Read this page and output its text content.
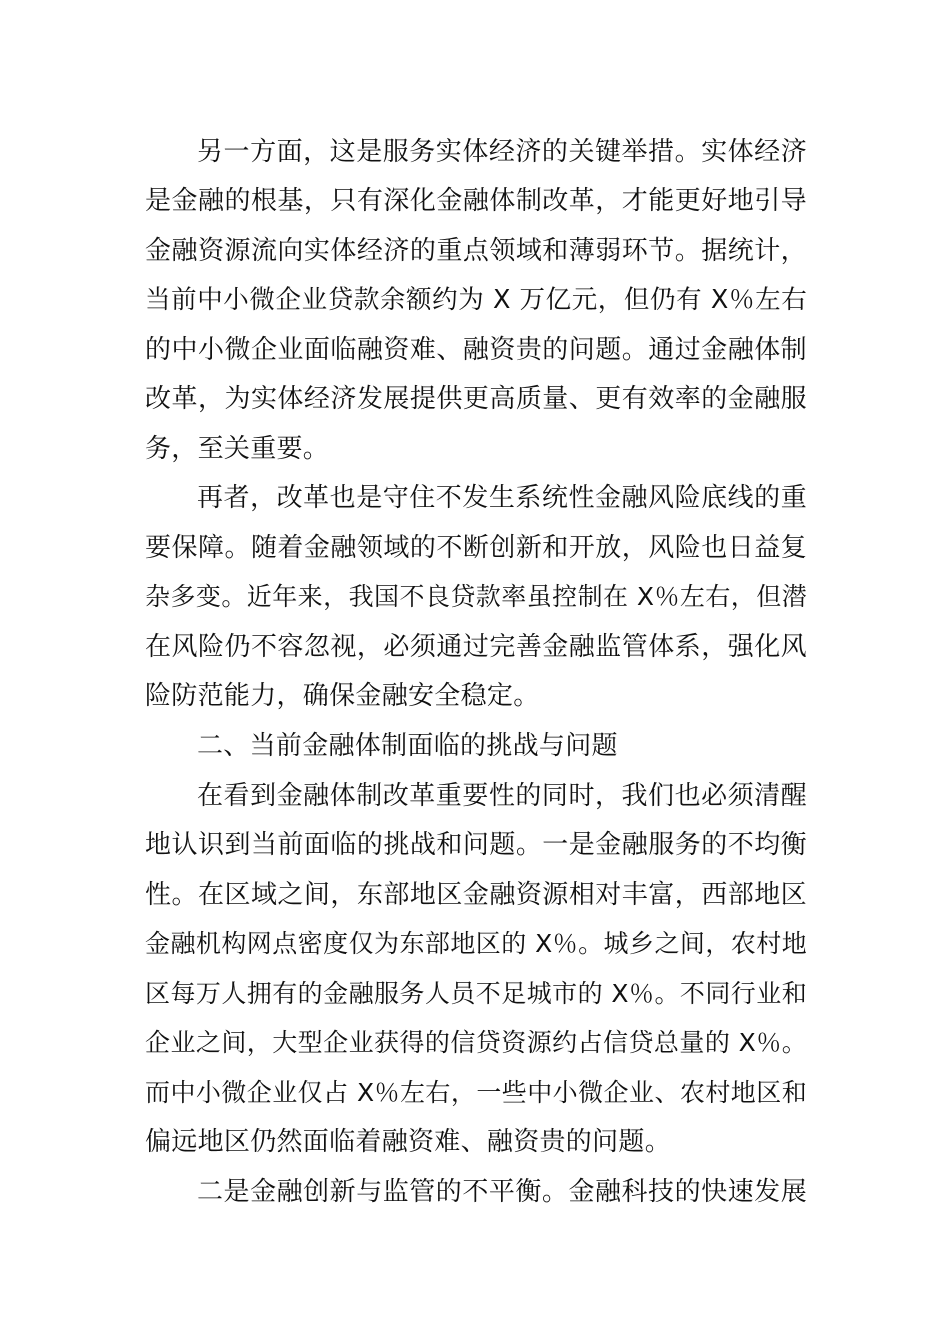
另一方面，这是服务实体经济的关键举措。实体经济
是金融的根基，只有深化金融体制改革，才能更好地引导
金融资源流向实体经济的重点领域和薄弱环节。据统计，
当前中小微企业贷款余额约为 X 万亿元，但仍有 X％左右
的中小微企业面临融资难、融资贵的问题。通过金融体制
改革，为实体经济发展提供更高质量、更有效率的金融服
务，至关重要。
再者，改革也是守住不发生系统性金融风险底线的重
要保障。随着金融领域的不断创新和开放，风险也日益复
杂多变。近年来，我国不良贷款率虽控制在 X％左右，但潜
在风险仍不容忽视，必须通过完善金融监管体系，强化风
险防范能力，确保金融安全稳定。
二、当前金融体制面临的挑战与问题
在看到金融体制改革重要性的同时，我们也必须清醒
地认识到当前面临的挑战和问题。一是金融服务的不均衡
性。在区域之间，东部地区金融资源相对丰富，西部地区
金融机构网点密度仅为东部地区的 X％。城乡之间，农村地
区每万人拥有的金融服务人员不足城市的 X％。不同行业和
企业之间，大型企业获得的信贷资源约占信贷总量的 X％。
而中小微企业仅占 X％左右，一些中小微企业、农村地区和
偏远地区仍然面临着融资难、融资贵的问题。
二是金融创新与监管的不平衡。金融科技的快速发展
